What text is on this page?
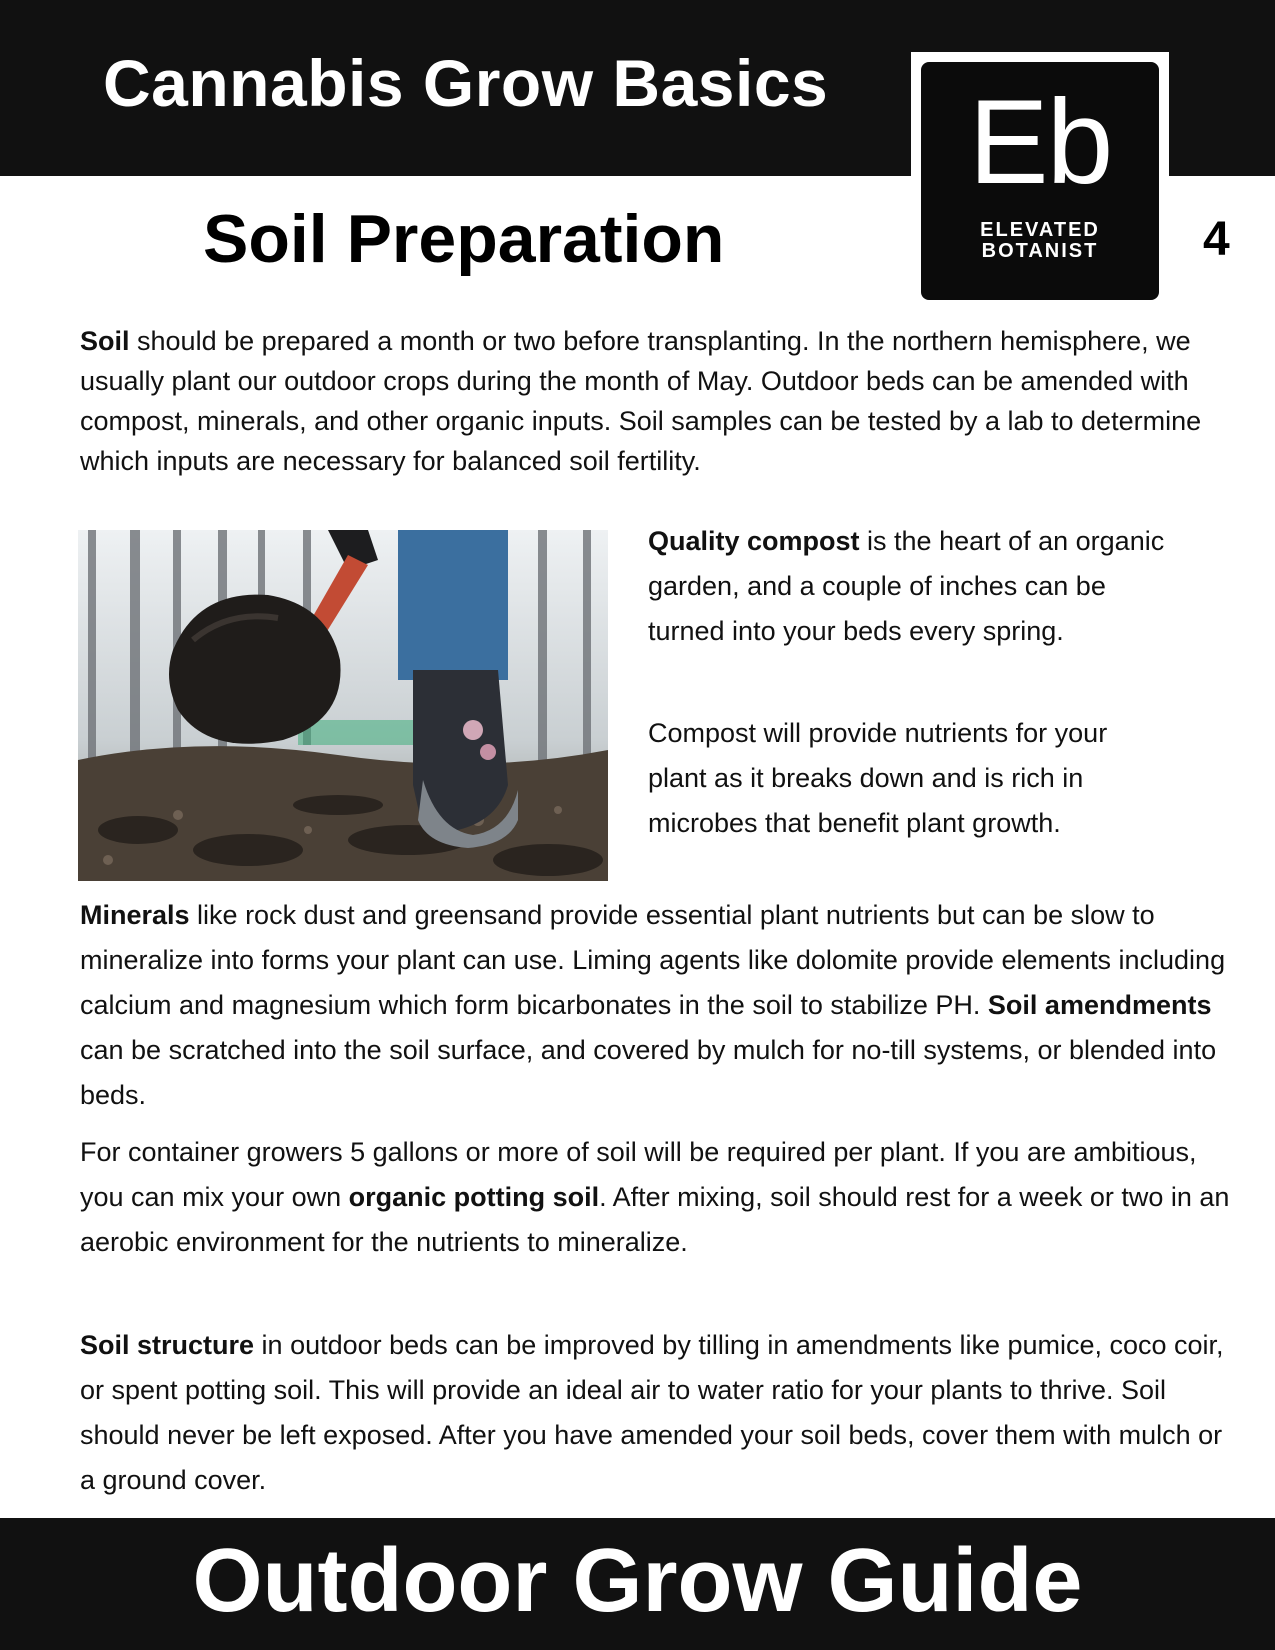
Cannabis Grow Basics	Eb
ELEVATED
BOTANIST
Soil Preparation	4

Soil should be prepared a month or two before transplanting. In the northern hemisphere, we usually plant our outdoor crops during the month of May. Outdoor beds can be amended with compost, minerals, and other organic inputs. Soil samples can be tested by a lab to determine which inputs are necessary for balanced soil fertility.

Quality compost is the heart of an organic garden, and a couple of inches can be turned into your beds every spring.

Compost will provide nutrients for your plant as it breaks down and is rich in microbes that benefit plant growth.

Minerals like rock dust and greensand provide essential plant nutrients but can be slow to mineralize into forms your plant can use. Liming agents like dolomite provide elements including calcium and magnesium which form bicarbonates in the soil to stabilize PH. Soil amendments can be scratched into the soil surface, and covered by mulch for no-till systems, or blended into beds.

For container growers 5 gallons or more of soil will be required per plant. If you are ambitious, you can mix your own organic potting soil. After mixing, soil should rest for a week or two in an aerobic environment for the nutrients to mineralize.

Soil structure in outdoor beds can be improved by tilling in amendments like pumice, coco coir, or spent potting soil. This will provide an ideal air to water ratio for your plants to thrive. Soil should never be left exposed. After you have amended your soil beds, cover them with mulch or a ground cover.

Outdoor Grow Guide
